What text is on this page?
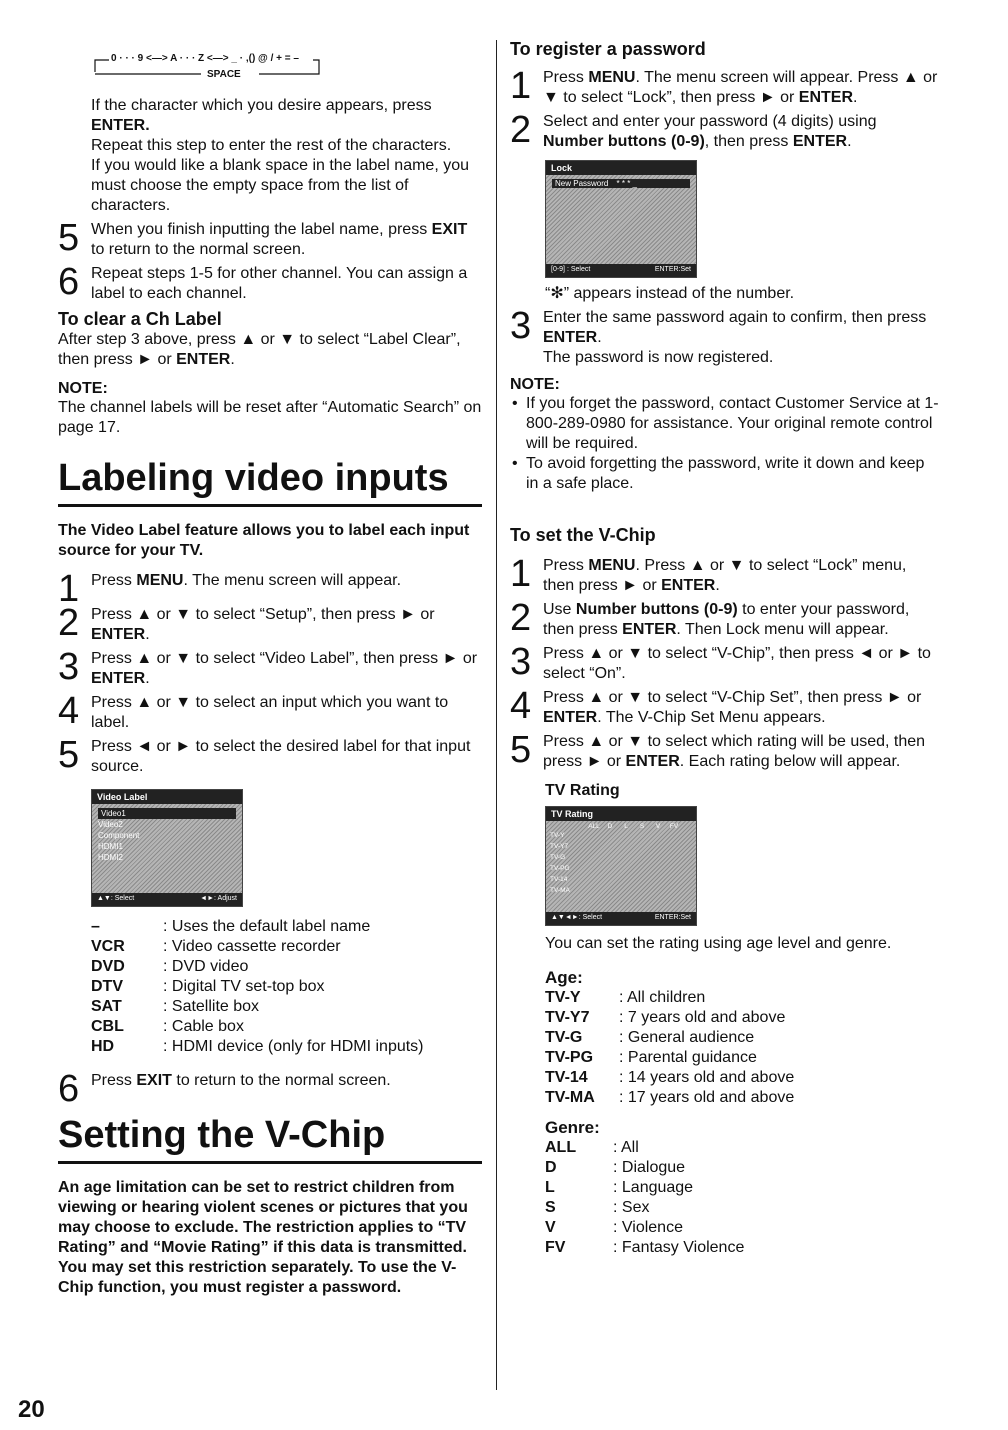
0 · · · 9 <—> A · · · Z <—> _ · ,() @ / + = –
SPACE
If the character which you desire appears, press
ENTER.
Repeat this step to enter the rest of the characters.
If you would like a blank space in the label name, you must choose the empty space from the list of characters.
5 When you finish inputting the label name, press EXIT to return to the normal screen.
6 Repeat steps 1-5 for other channel. You can assign a label to each channel.
To clear a Ch Label
After step 3 above, press ▲ or ▼ to select “Label Clear”, then press ► or ENTER.
NOTE:
The channel labels will be reset after “Automatic Search” on page 17.
Labeling video inputs
The Video Label feature allows you to label each input source for your TV.
1 Press MENU. The menu screen will appear.
2 Press ▲ or ▼ to select “Setup”, then press ► or ENTER.
3 Press ▲ or ▼ to select “Video Label”, then press ► or ENTER.
4 Press ▲ or ▼ to select an input which you want to label.
5 Press ◄ or ► to select the desired label for that input source.
Video Label
Video1
Video2
Component
HDMI1
HDMI2
▲▼: Select	◄►: Adjust
–	: Uses the default label name
VCR	: Video cassette recorder
DVD	: DVD video
DTV	: Digital TV set-top box
SAT	: Satellite box
CBL	: Cable box
HD	: HDMI device (only for HDMI inputs)
6 Press EXIT to return to the normal screen.
Setting the V-Chip
An age limitation can be set to restrict children from viewing or hearing violent scenes or pictures that you may choose to exclude. The restriction applies to “TV Rating” and “Movie Rating” if this data is transmitted. You may set this restriction separately. To use the V-Chip function, you must register a password.
To register a password
1 Press MENU. The menu screen will appear. Press ▲ or ▼ to select “Lock”, then press ► or ENTER.
2 Select and enter your password (4 digits) using Number buttons (0-9), then press ENTER.
Lock
New Password * * * _
[0-9] : Select	ENTER:Set
“✻” appears instead of the number.
3 Enter the same password again to confirm, then press ENTER.
The password is now registered.
NOTE:
• If you forget the password, contact Customer Service at 1-800-289-0980 for assistance. Your original remote control will be required.
• To avoid forgetting the password, write it down and keep in a safe place.
To set the V-Chip
1 Press MENU. Press ▲ or ▼ to select “Lock” menu, then press ► or ENTER.
2 Use Number buttons (0-9) to enter your password, then press ENTER. Then Lock menu will appear.
3 Press ▲ or ▼ to select “V-Chip”, then press ◄ or ► to select “On”.
4 Press ▲ or ▼ to select “V-Chip Set”, then press ► or ENTER. The V-Chip Set Menu appears.
5 Press ▲ or ▼ to select which rating will be used, then press ► or ENTER. Each rating below will appear.
TV Rating
TV Rating
	ALL	D	L	S	V	FV
TV-Y						
TV-Y7						
TV-G						
TV-PG						
TV-14						
TV-MA						
▲▼◄►: Select	ENTER:Set
You can set the rating using age level and genre.
Age:
TV-Y	: All children
TV-Y7	: 7 years old and above
TV-G	: General audience
TV-PG	: Parental guidance
TV-14	: 14 years old and above
TV-MA	: 17 years old and above
Genre:
ALL	: All
D	: Dialogue
L	: Language
S	: Sex
V	: Violence
FV	: Fantasy Violence
20
